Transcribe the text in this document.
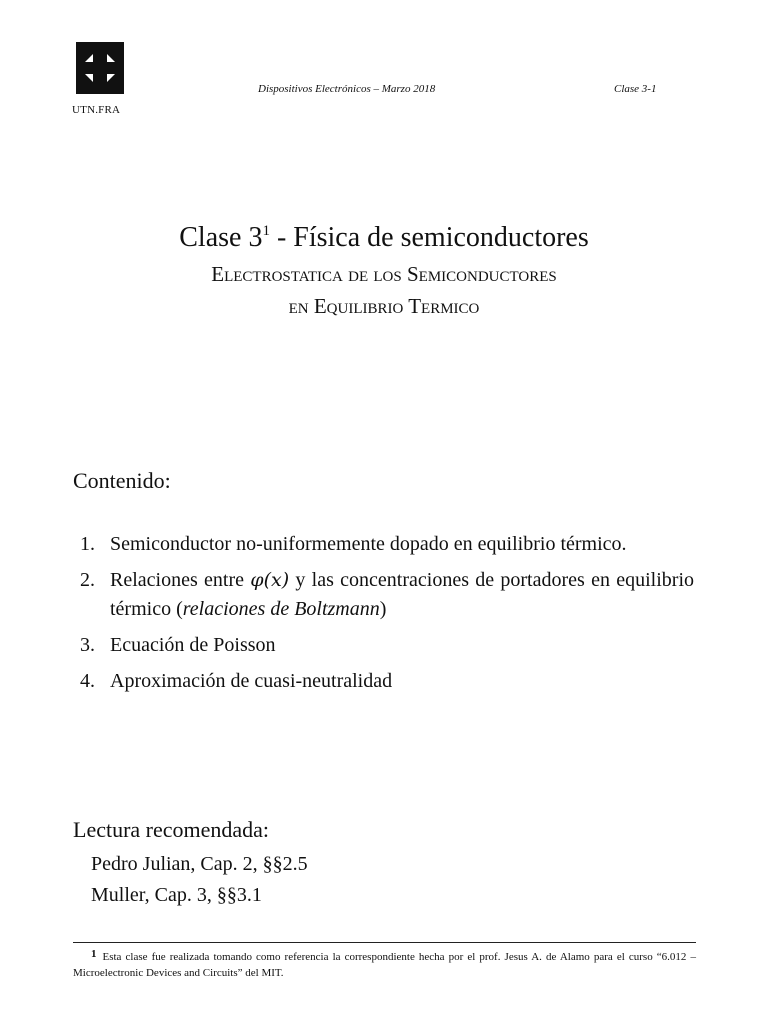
UTN.FRA
Dispositivos Electrónicos – Marzo 2018	Clase 3-1
Clase $3^1$ - Física de semiconductores
Electrostatica de los Semiconductores
en Equilibrio Termico
Contenido:
1. Semiconductor no-uniformemente dopado en equilibrio térmico.
2. Relaciones entre φ(x) y las concentraciones de portadores en equilibrio térmico (relaciones de Boltzmann)
3. Ecuación de Poisson
4. Aproximación de cuasi-neutralidad
Lectura recomendada:
Pedro Julian, Cap. 2, §§2.5
Muller, Cap. 3, §§3.1
1 Esta clase fue realizada tomando como referencia la correspondiente hecha por el prof. Jesus A. de Alamo para el curso “6.012 – Microelectronic Devices and Circuits” del MIT.
